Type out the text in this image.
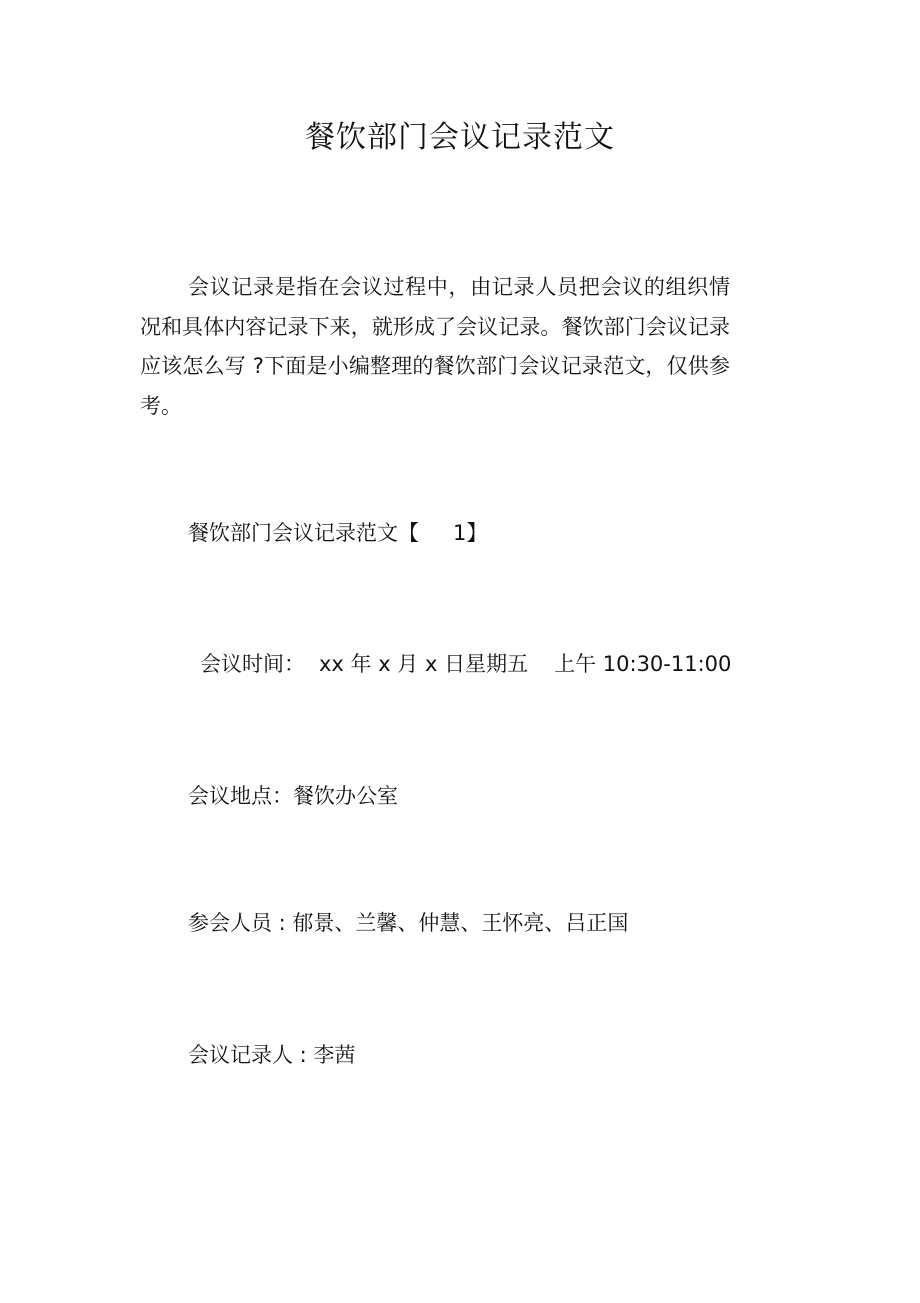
餐饮部门会议记录范文

会议记录是指在会议过程中，由记录人员把会议的组织情况和具体内容记录下来，就形成了会议记录。餐饮部门会议记录应该怎么写 ?下面是小编整理的餐饮部门会议记录范文，仅供参考。

餐饮部门会议记录范文【 1】

会议时间： xx 年 x 月 x 日星期五 上午 10:30-11:00

会议地点：餐饮办公室

参会人员 : 郁景、兰馨、仲慧、王怀亮、吕正国

会议记录人 : 李茜
